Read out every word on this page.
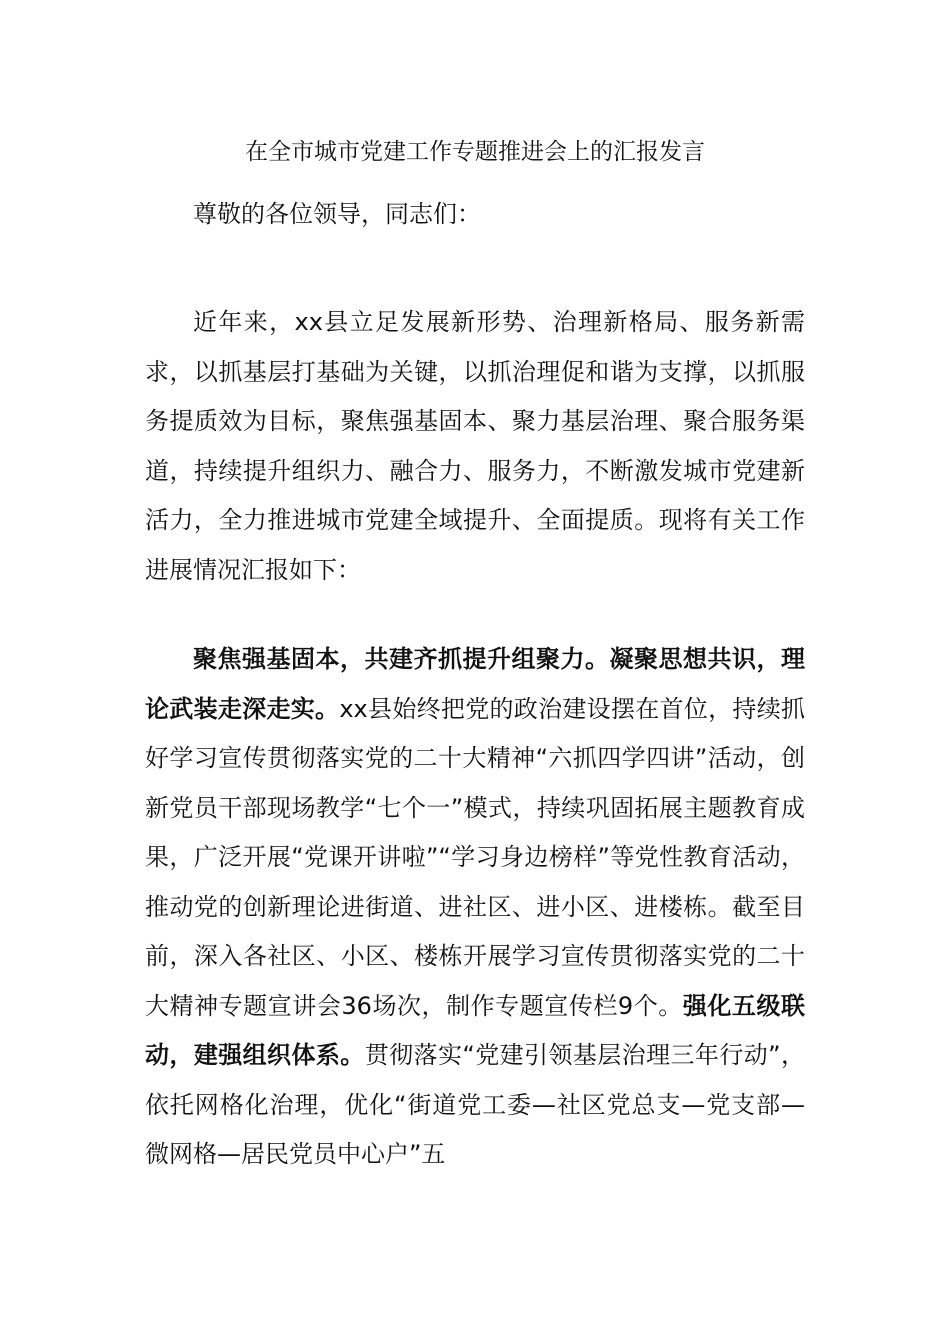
在全市城市党建工作专题推进会上的汇报发言

尊敬的各位领导，同志们：

近年来，xx县立足发展新形势、治理新格局、服务新需求，以抓基层打基础为关键，以抓治理促和谐为支撑，以抓服务提质效为目标，聚焦强基固本、聚力基层治理、聚合服务渠道，持续提升组织力、融合力、服务力，不断激发城市党建新活力，全力推进城市党建全域提升、全面提质。现将有关工作进展情况汇报如下：

聚焦强基固本，共建齐抓提升组聚力。凝聚思想共识，理论武装走深走实。xx县始终把党的政治建设摆在首位，持续抓好学习宣传贯彻落实党的二十大精神“六抓四学四讲”活动，创新党员干部现场教学“七个一”模式，持续巩固拓展主题教育成果，广泛开展“党课开讲啦”“学习身边榜样”等党性教育活动，推动党的创新理论进街道、进社区、进小区、进楼栋。截至目前，深入各社区、小区、楼栋开展学习宣传贯彻落实党的二十大精神专题宣讲会36场次，制作专题宣传栏9个。强化五级联动，建强组织体系。贯彻落实“党建引领基层治理三年行动”，依托网格化治理，优化“街道党工委—社区党总支—党支部—微网格—居民党员中心户”五
